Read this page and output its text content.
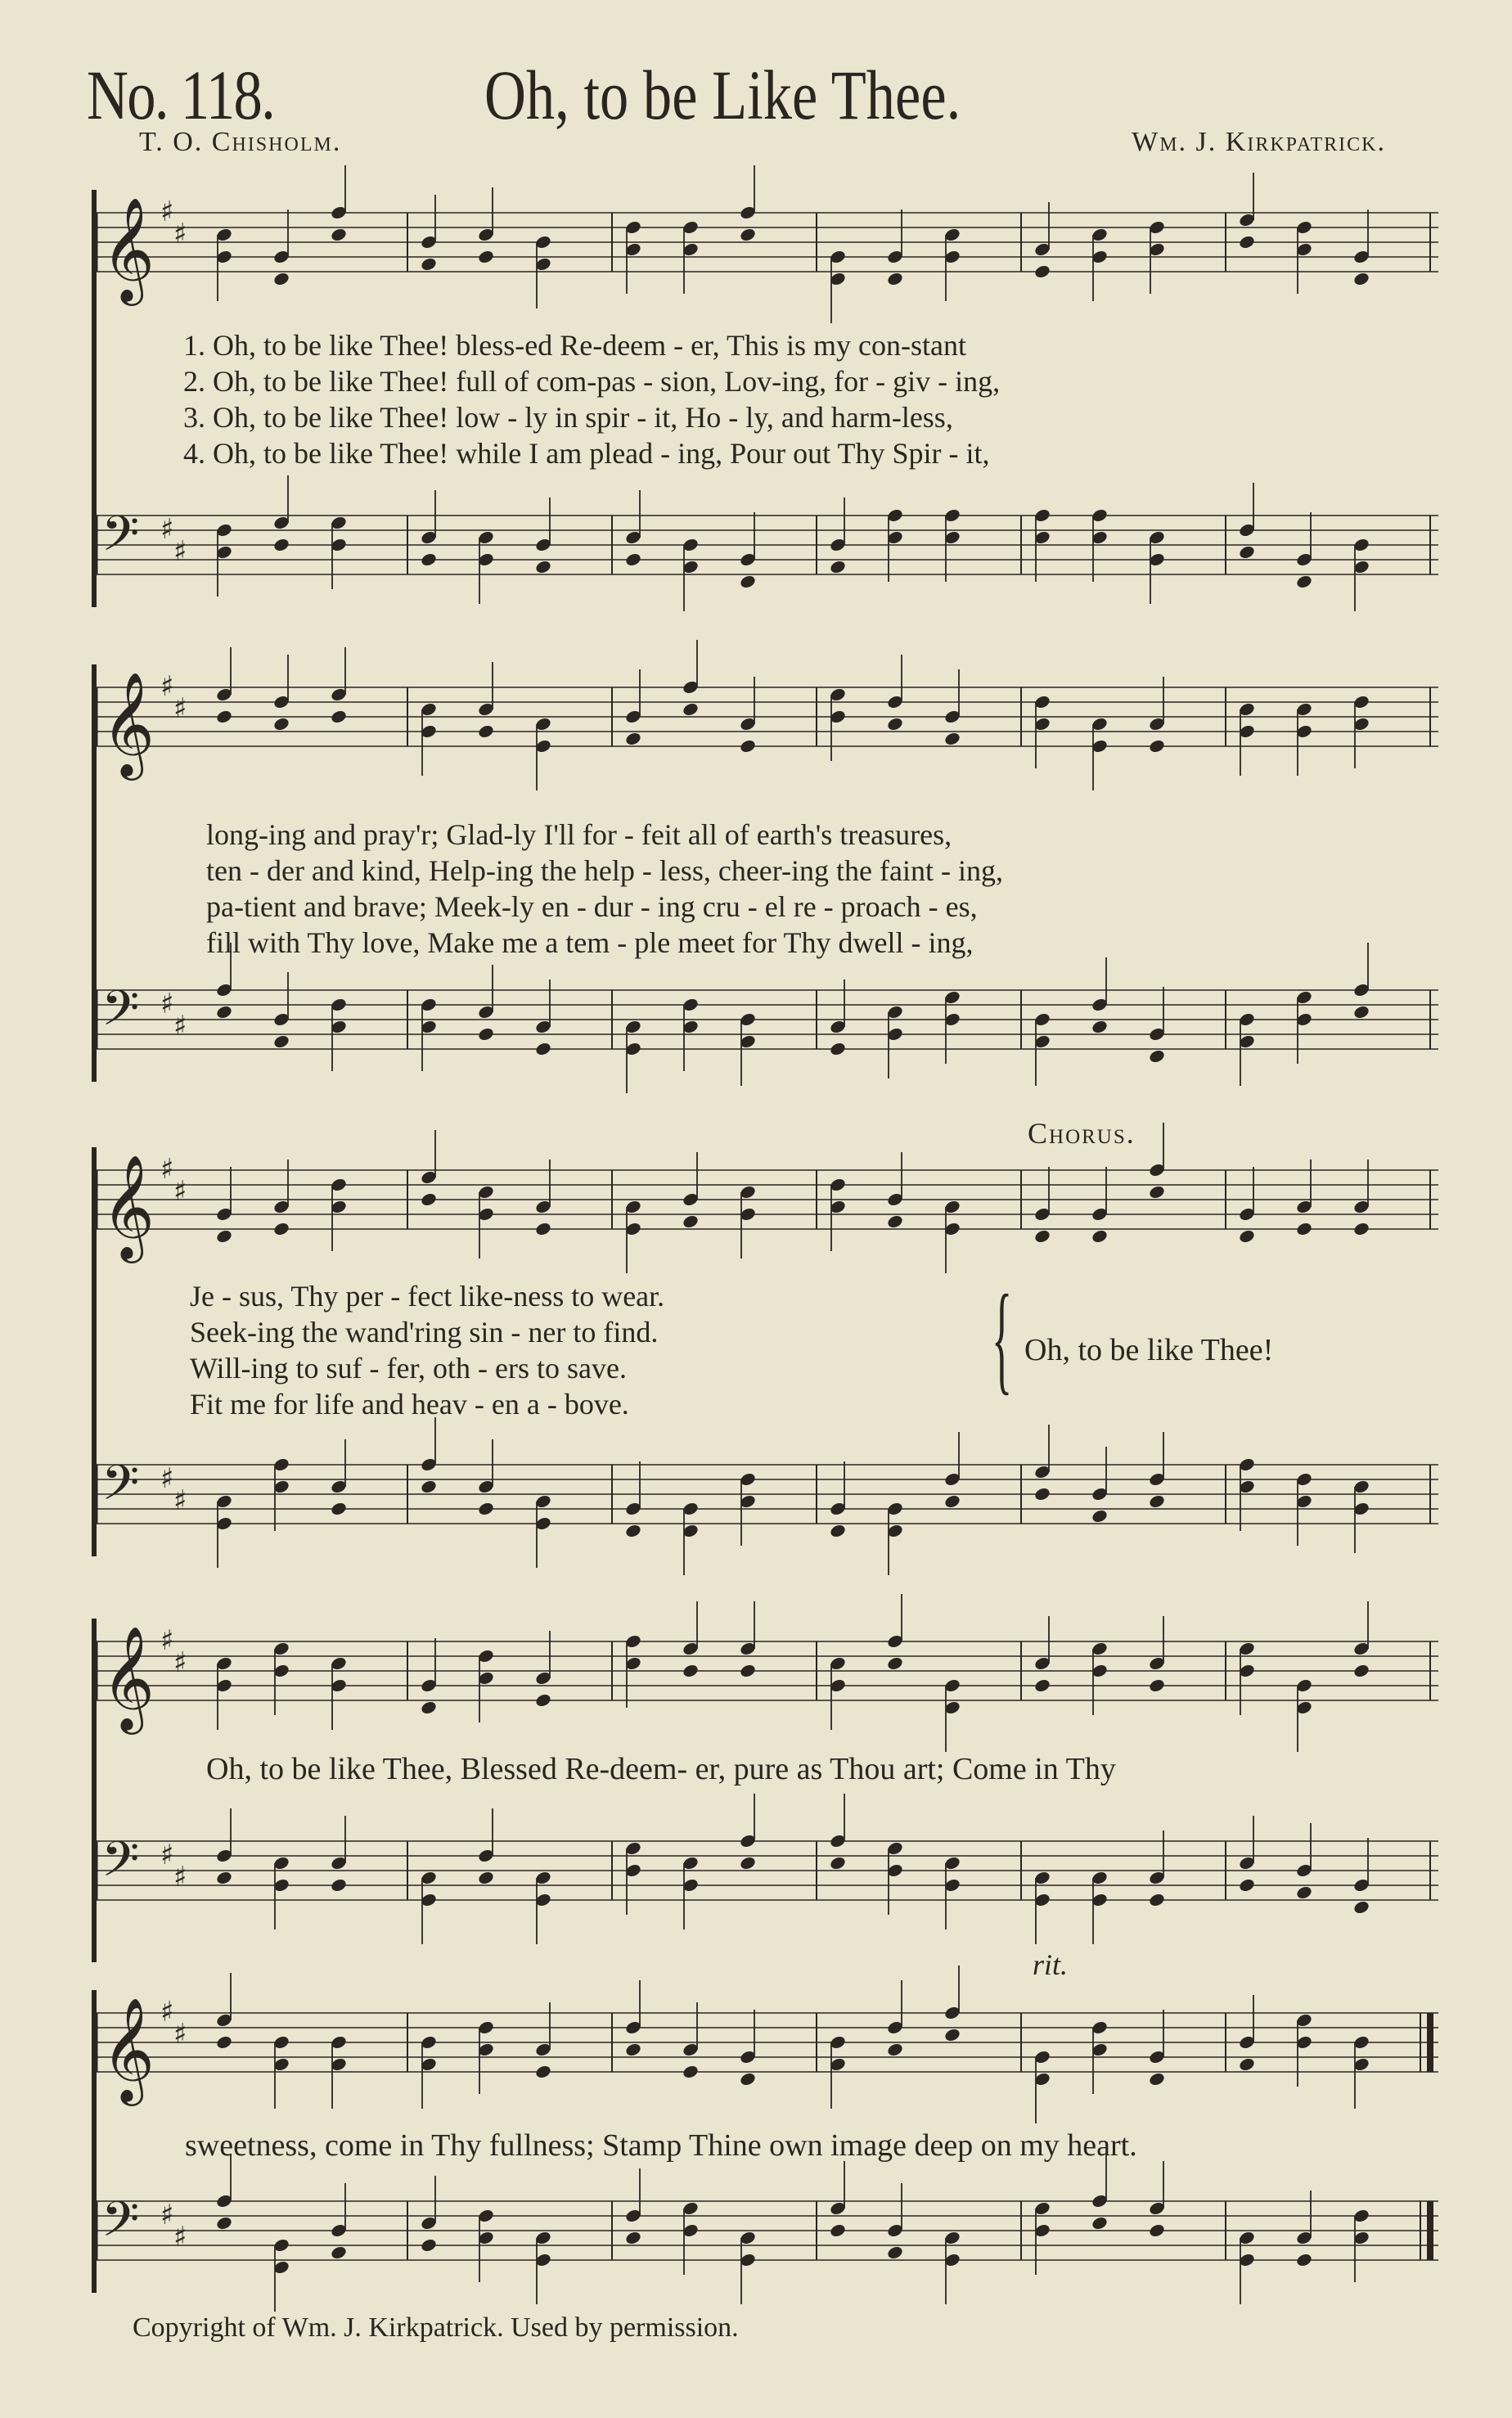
No. 118.	Oh, to be Like Thee.
T. O. Chisholm.	Wm. J. Kirkpatrick.
𝄞 ♯
♯
1. Oh, to be like Thee! bless-ed Re-deem - er, This is my con-stant
2. Oh, to be like Thee! full of com-pas - sion, Lov-ing, for - giv - ing,
3. Oh, to be like Thee! low - ly in spir - it, Ho - ly, and harm-less,
4. Oh, to be like Thee! while I am plead - ing, Pour out Thy Spir - it,
𝄢 ♯
♯
𝄞 ♯
♯
long-ing and pray'r; Glad-ly I'll for - feit all of earth's treasures,
ten - der and kind, Help-ing the help - less, cheer-ing the faint - ing,
pa-tient and brave; Meek-ly en - dur - ing cru - el re - proach - es,
fill with Thy love, Make me a tem - ple meet for Thy dwell - ing,
𝄢 ♯
♯
Chorus.
𝄞 ♯
♯
Je - sus, Thy per - fect like-ness to wear.
Seek-ing the wand'ring sin - ner to find.
Will-ing to suf - fer, oth - ers to save.
Fit me for life and heav - en a - bove.	{ Oh, to be like Thee!
𝄢 ♯
♯
𝄞 ♯
♯
Oh, to be like Thee, Blessed Re-deem- er, pure as Thou art; Come in Thy
𝄢 ♯
♯
rit.
𝄞 ♯
♯
sweetness, come in Thy fullness; Stamp Thine own image deep on my heart.
𝄢 ♯
♯
Copyright of Wm. J. Kirkpatrick. Used by permission.
